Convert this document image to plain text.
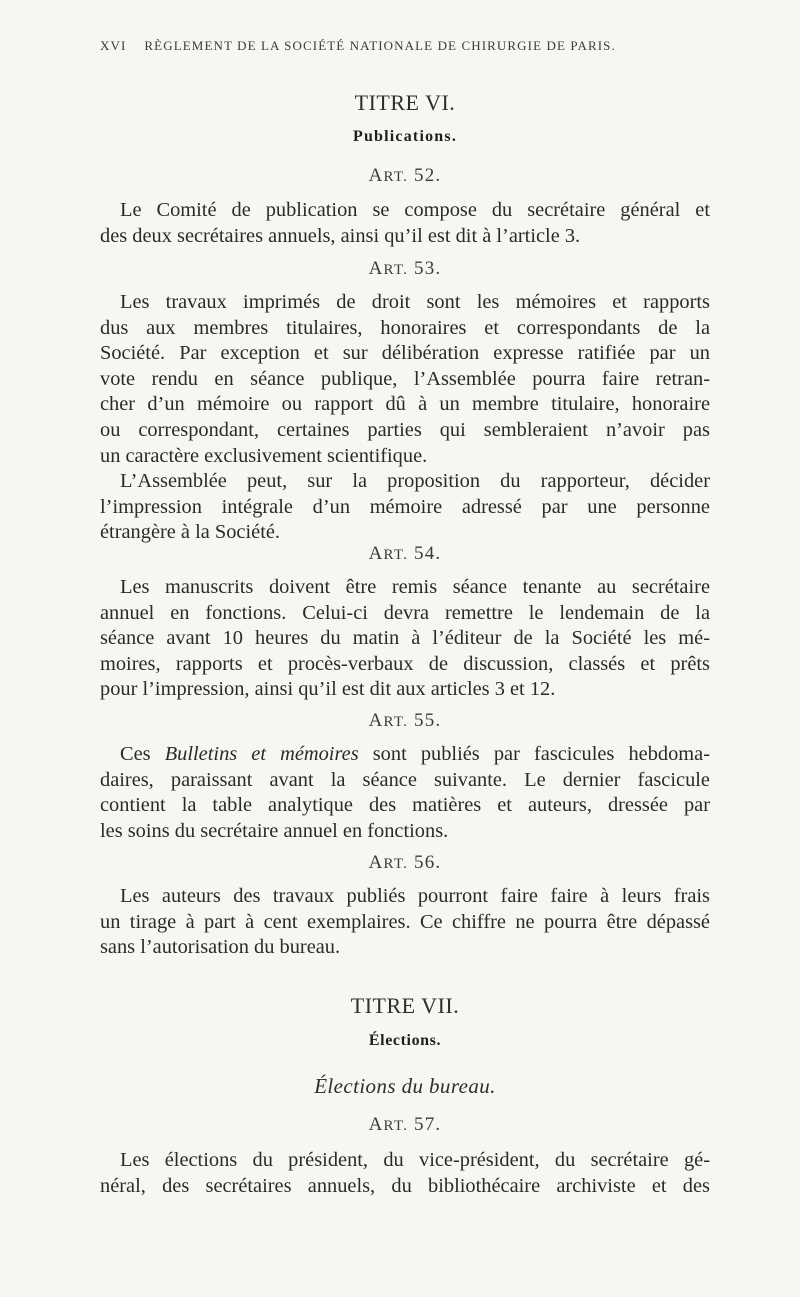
XVI RÈGLEMENT DE LA SOCIÉTÉ NATIONALE DE CHIRURGIE DE PARIS.
TITRE VI.
Publications.
ART. 52.
Le Comité de publication se compose du secrétaire général et
des deux secrétaires annuels, ainsi qu’il est dit à l’article 3.
ART. 53.
Les travaux imprimés de droit sont les mémoires et rapports
dus aux membres titulaires, honoraires et correspondants de la
Société. Par exception et sur délibération expresse ratifiée par un
vote rendu en séance publique, l’Assemblée pourra faire retran-
cher d’un mémoire ou rapport dû à un membre titulaire, honoraire
ou correspondant, certaines parties qui sembleraient n’avoir pas
un caractère exclusivement scientifique.
L’Assemblée peut, sur la proposition du rapporteur, décider
l’impression intégrale d’un mémoire adressé par une personne
étrangère à la Société.
ART. 54.
Les manuscrits doivent être remis séance tenante au secrétaire
annuel en fonctions. Celui-ci devra remettre le lendemain de la
séance avant 10 heures du matin à l’éditeur de la Société les mé-
moires, rapports et procès-verbaux de discussion, classés et prêts
pour l’impression, ainsi qu’il est dit aux articles 3 et 12.
ART. 55.
Ces Bulletins et mémoires sont publiés par fascicules hebdoma-
daires, paraissant avant la séance suivante. Le dernier fascicule
contient la table analytique des matières et auteurs, dressée par
les soins du secrétaire annuel en fonctions.
ART. 56.
Les auteurs des travaux publiés pourront faire faire à leurs frais
un tirage à part à cent exemplaires. Ce chiffre ne pourra être dépassé
sans l’autorisation du bureau.
TITRE VII.
Élections.
Élections du bureau.
ART. 57.
Les élections du président, du vice-président, du secrétaire gé-
néral, des secrétaires annuels, du bibliothécaire archiviste et des
